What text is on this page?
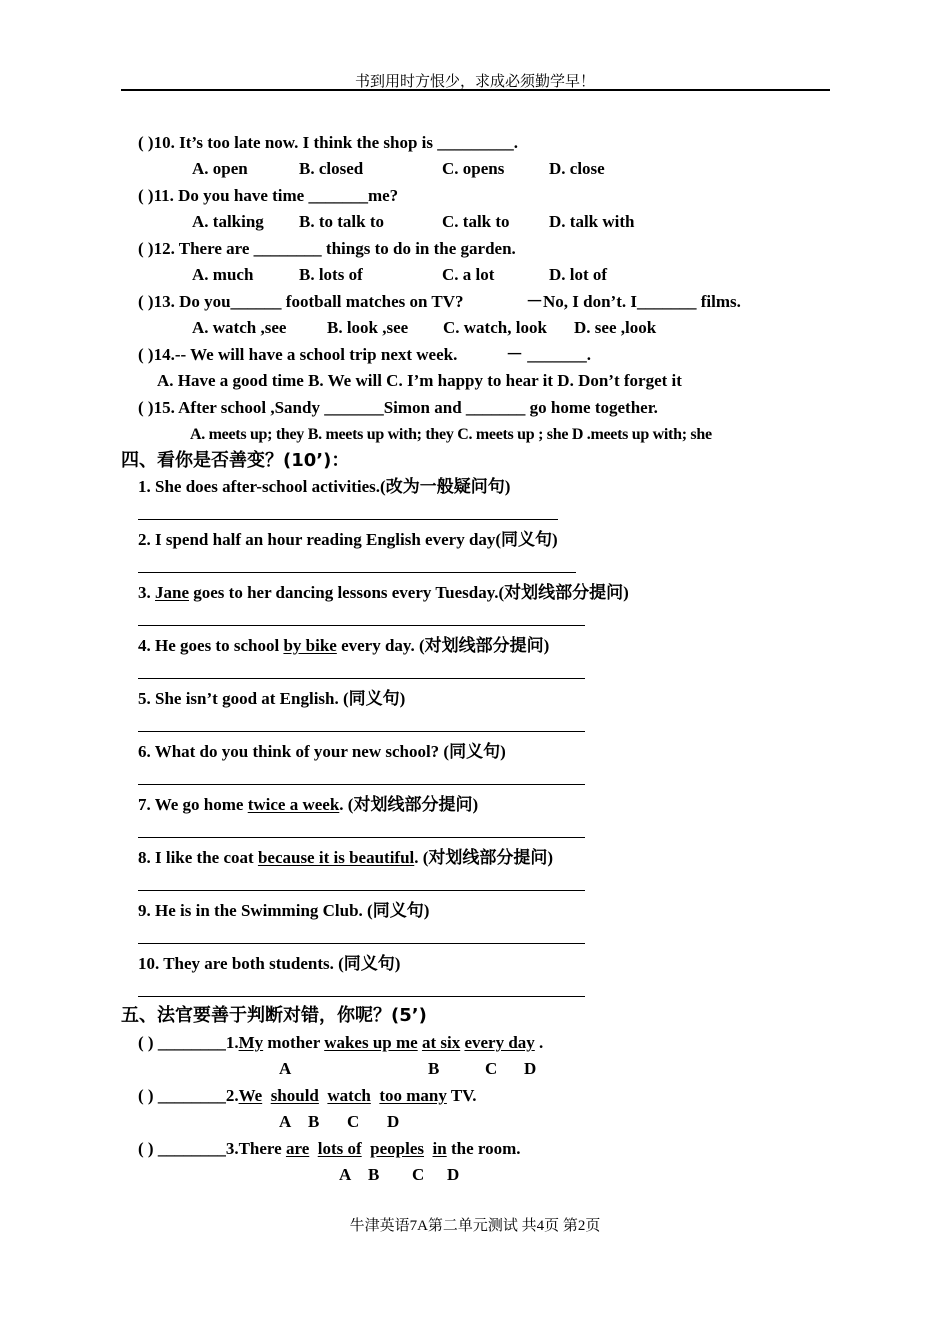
书到用时方恨少，求成必须勤学早！
( )10. It’s too late now. I think the shop is _________.
A. open	B. closed	C. opens	D. close
( )11. Do you have time _______me?
A. talking B. to talk to	C. talk to D. talk with
( )12. There are ________ things to do in the garden.
A. much	B. lots of	C. a lot	D. lot of
( )13. Do you______ football matches on TV?	－No, I don’t. I_______ films.
A. watch ,see B. look ,see C. watch, look D. see ,look
( )14.-- We will have a school trip next week.	－ _______.
A. Have a good time B. We will C. I’m happy to hear it D. Don’t forget it
( )15. After school ,Sandy _______Simon and _______ go home together.
A. meets up; they B. meets up with; they C. meets up ; she D .meets up with; she
四、看你是否善变？(10’)：
1. She does after-school activities.(改为一般疑问句)
2. I spend half an hour reading English every day(同义句)
3. Jane goes to her dancing lessons every Tuesday.(对划线部分提问)
4. He goes to school by bike every day. (对划线部分提问)
5. She isn’t good at English. (同义句)
6. What do you think of your new school? (同义句)
7. We go home twice a week. (对划线部分提问)
8. I like the coat because it is beautiful. (对划线部分提问)
9. He is in the Swimming Club. (同义句)
10. They are both students. (同义句)
五、法官要善于判断对错，你呢？(5’)
( ) ________1.My mother wakes up me at six every day .
A	B	C D
( ) ________2.We should watch too many TV.
A B C D
( ) ________3.There are lots of peoples in the room.
A B C D
牛津英语7A第二单元测试 共4页 第2页
